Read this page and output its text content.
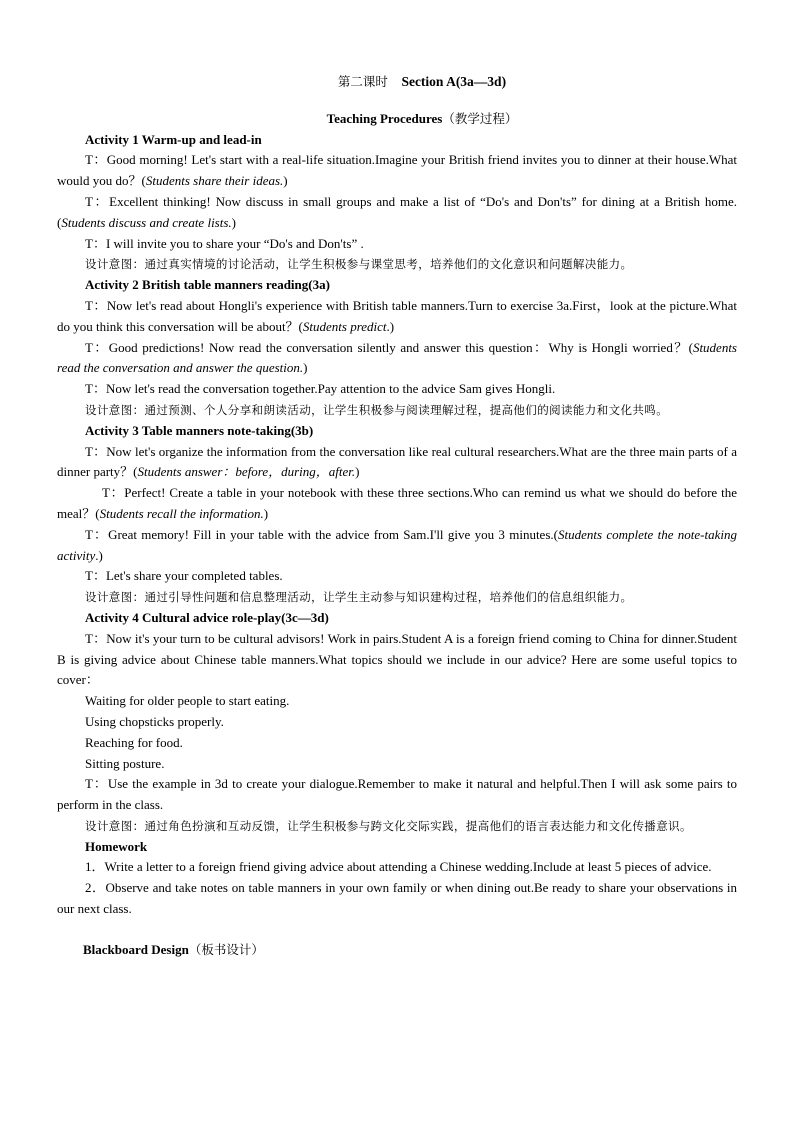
第二课时 Section A(3a—3d)
Teaching Procedures（教学过程）
Activity 1 Warm-up and lead-in
T：Good morning! Let's start with a real-life situation.Imagine your British friend invites you to dinner at their house.What would you do？(Students share their ideas.)
T：Excellent thinking! Now discuss in small groups and make a list of “Do's and Don'ts” for dining at a British home.(Students discuss and create lists.)
T：I will invite you to share your “Do's and Don'ts” .
设计意图：通过真实情境的讨论活动，让学生积极参与课堂思考，培养他们的文化意识和问题解决能力。
Activity 2 British table manners reading(3a)
T：Now let's read about Hongli's experience with British table manners.Turn to exercise 3a.First，look at the picture.What do you think this conversation will be about？(Students predict.)
T：Good predictions! Now read the conversation silently and answer this question：Why is Hongli worried？(Students read the conversation and answer the question.)
T：Now let's read the conversation together.Pay attention to the advice Sam gives Hongli.
设计意图：通过预测、个人分享和朗读活动，让学生积极参与阅读理解过程，提高他们的阅读能力和文化共鸣。
Activity 3 Table manners note-taking(3b)
T：Now let's organize the information from the conversation like real cultural researchers.What are the three main parts of a dinner party？(Students answer：before，during，after.)
T：Perfect! Create a table in your notebook with these three sections.Who can remind us what we should do before the meal？(Students recall the information.)
T：Great memory! Fill in your table with the advice from Sam.I'll give you 3 minutes.(Students complete the note-taking activity.)
T：Let's share your completed tables.
设计意图：通过引导性问题和信息整理活动，让学生主动参与知识建构过程，培养他们的信息组织能力。
Activity 4 Cultural advice role-play(3c—3d)
T：Now it's your turn to be cultural advisors! Work in pairs.Student A is a foreign friend coming to China for dinner.Student B is giving advice about Chinese table manners.What topics should we include in our advice? Here are some useful topics to cover：
Waiting for older people to start eating.
Using chopsticks properly.
Reaching for food.
Sitting posture.
T：Use the example in 3d to create your dialogue.Remember to make it natural and helpful.Then I will ask some pairs to perform in the class.
设计意图：通过角色扮演和互动反馈，让学生积极参与跨文化交际实践，提高他们的语言表达能力和文化传播意识。
Homework
1．Write a letter to a foreign friend giving advice about attending a Chinese wedding.Include at least 5 pieces of advice.
2．Observe and take notes on table manners in your own family or when dining out.Be ready to share your observations in our next class.
Blackboard Design（板书设计）
